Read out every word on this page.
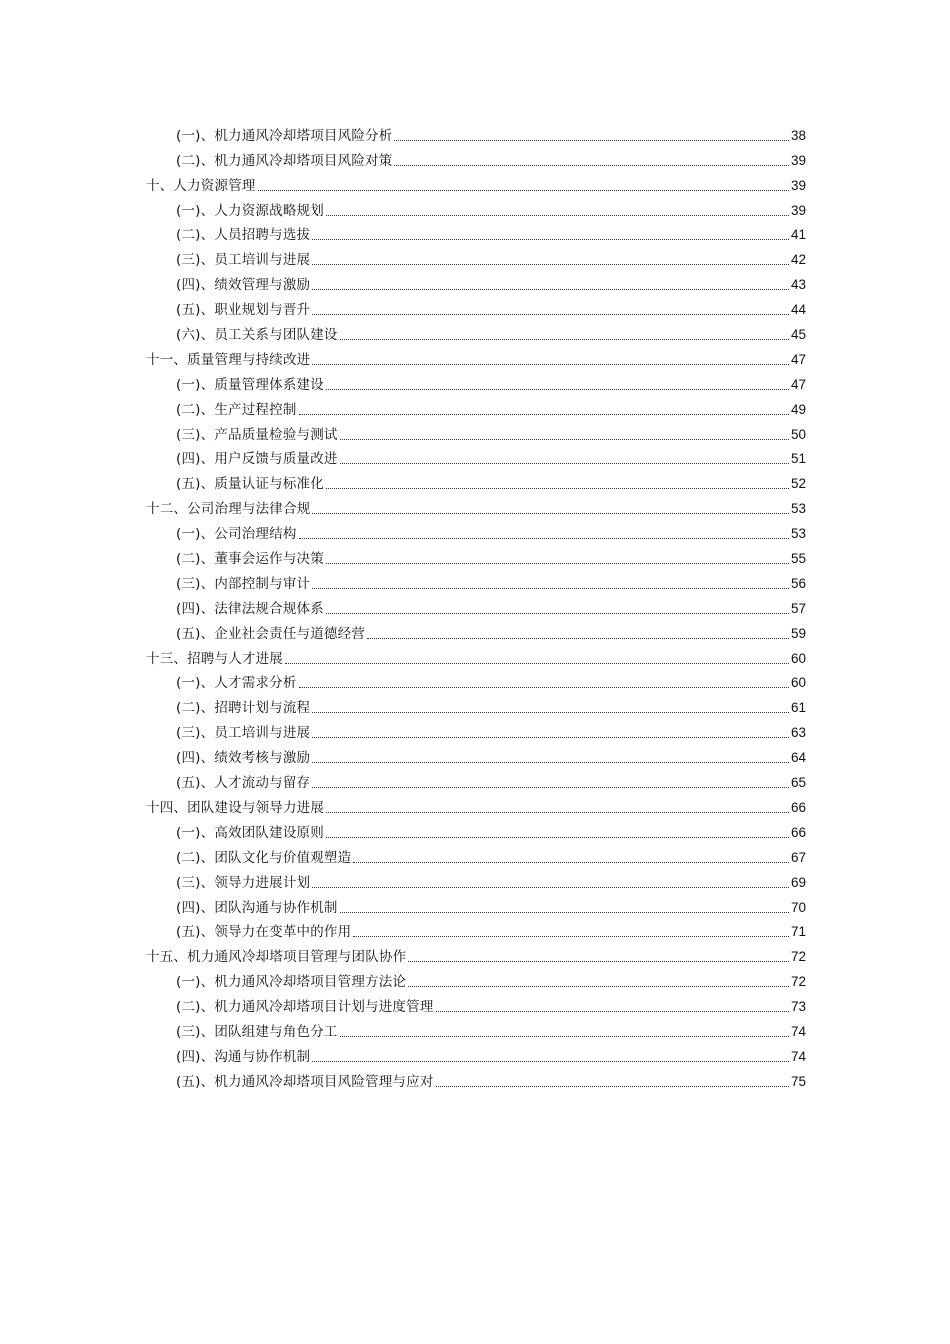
(一)、机力通风冷却塔项目风险分析	38
(二)、机力通风冷却塔项目风险对策	39
十、人力资源管理	39
(一)、人力资源战略规划	39
(二)、人员招聘与选拔	41
(三)、员工培训与进展	42
(四)、绩效管理与激励	43
(五)、职业规划与晋升	44
(六)、员工关系与团队建设	45
十一、质量管理与持续改进	47
(一)、质量管理体系建设	47
(二)、生产过程控制	49
(三)、产品质量检验与测试	50
(四)、用户反馈与质量改进	51
(五)、质量认证与标准化	52
十二、公司治理与法律合规	53
(一)、公司治理结构	53
(二)、董事会运作与决策	55
(三)、内部控制与审计	56
(四)、法律法规合规体系	57
(五)、企业社会责任与道德经营	59
十三、招聘与人才进展	60
(一)、人才需求分析	60
(二)、招聘计划与流程	61
(三)、员工培训与进展	63
(四)、绩效考核与激励	64
(五)、人才流动与留存	65
十四、团队建设与领导力进展	66
(一)、高效团队建设原则	66
(二)、团队文化与价值观塑造	67
(三)、领导力进展计划	69
(四)、团队沟通与协作机制	70
(五)、领导力在变革中的作用	71
十五、机力通风冷却塔项目管理与团队协作	72
(一)、机力通风冷却塔项目管理方法论	72
(二)、机力通风冷却塔项目计划与进度管理	73
(三)、团队组建与角色分工	74
(四)、沟通与协作机制	74
(五)、机力通风冷却塔项目风险管理与应对	75
